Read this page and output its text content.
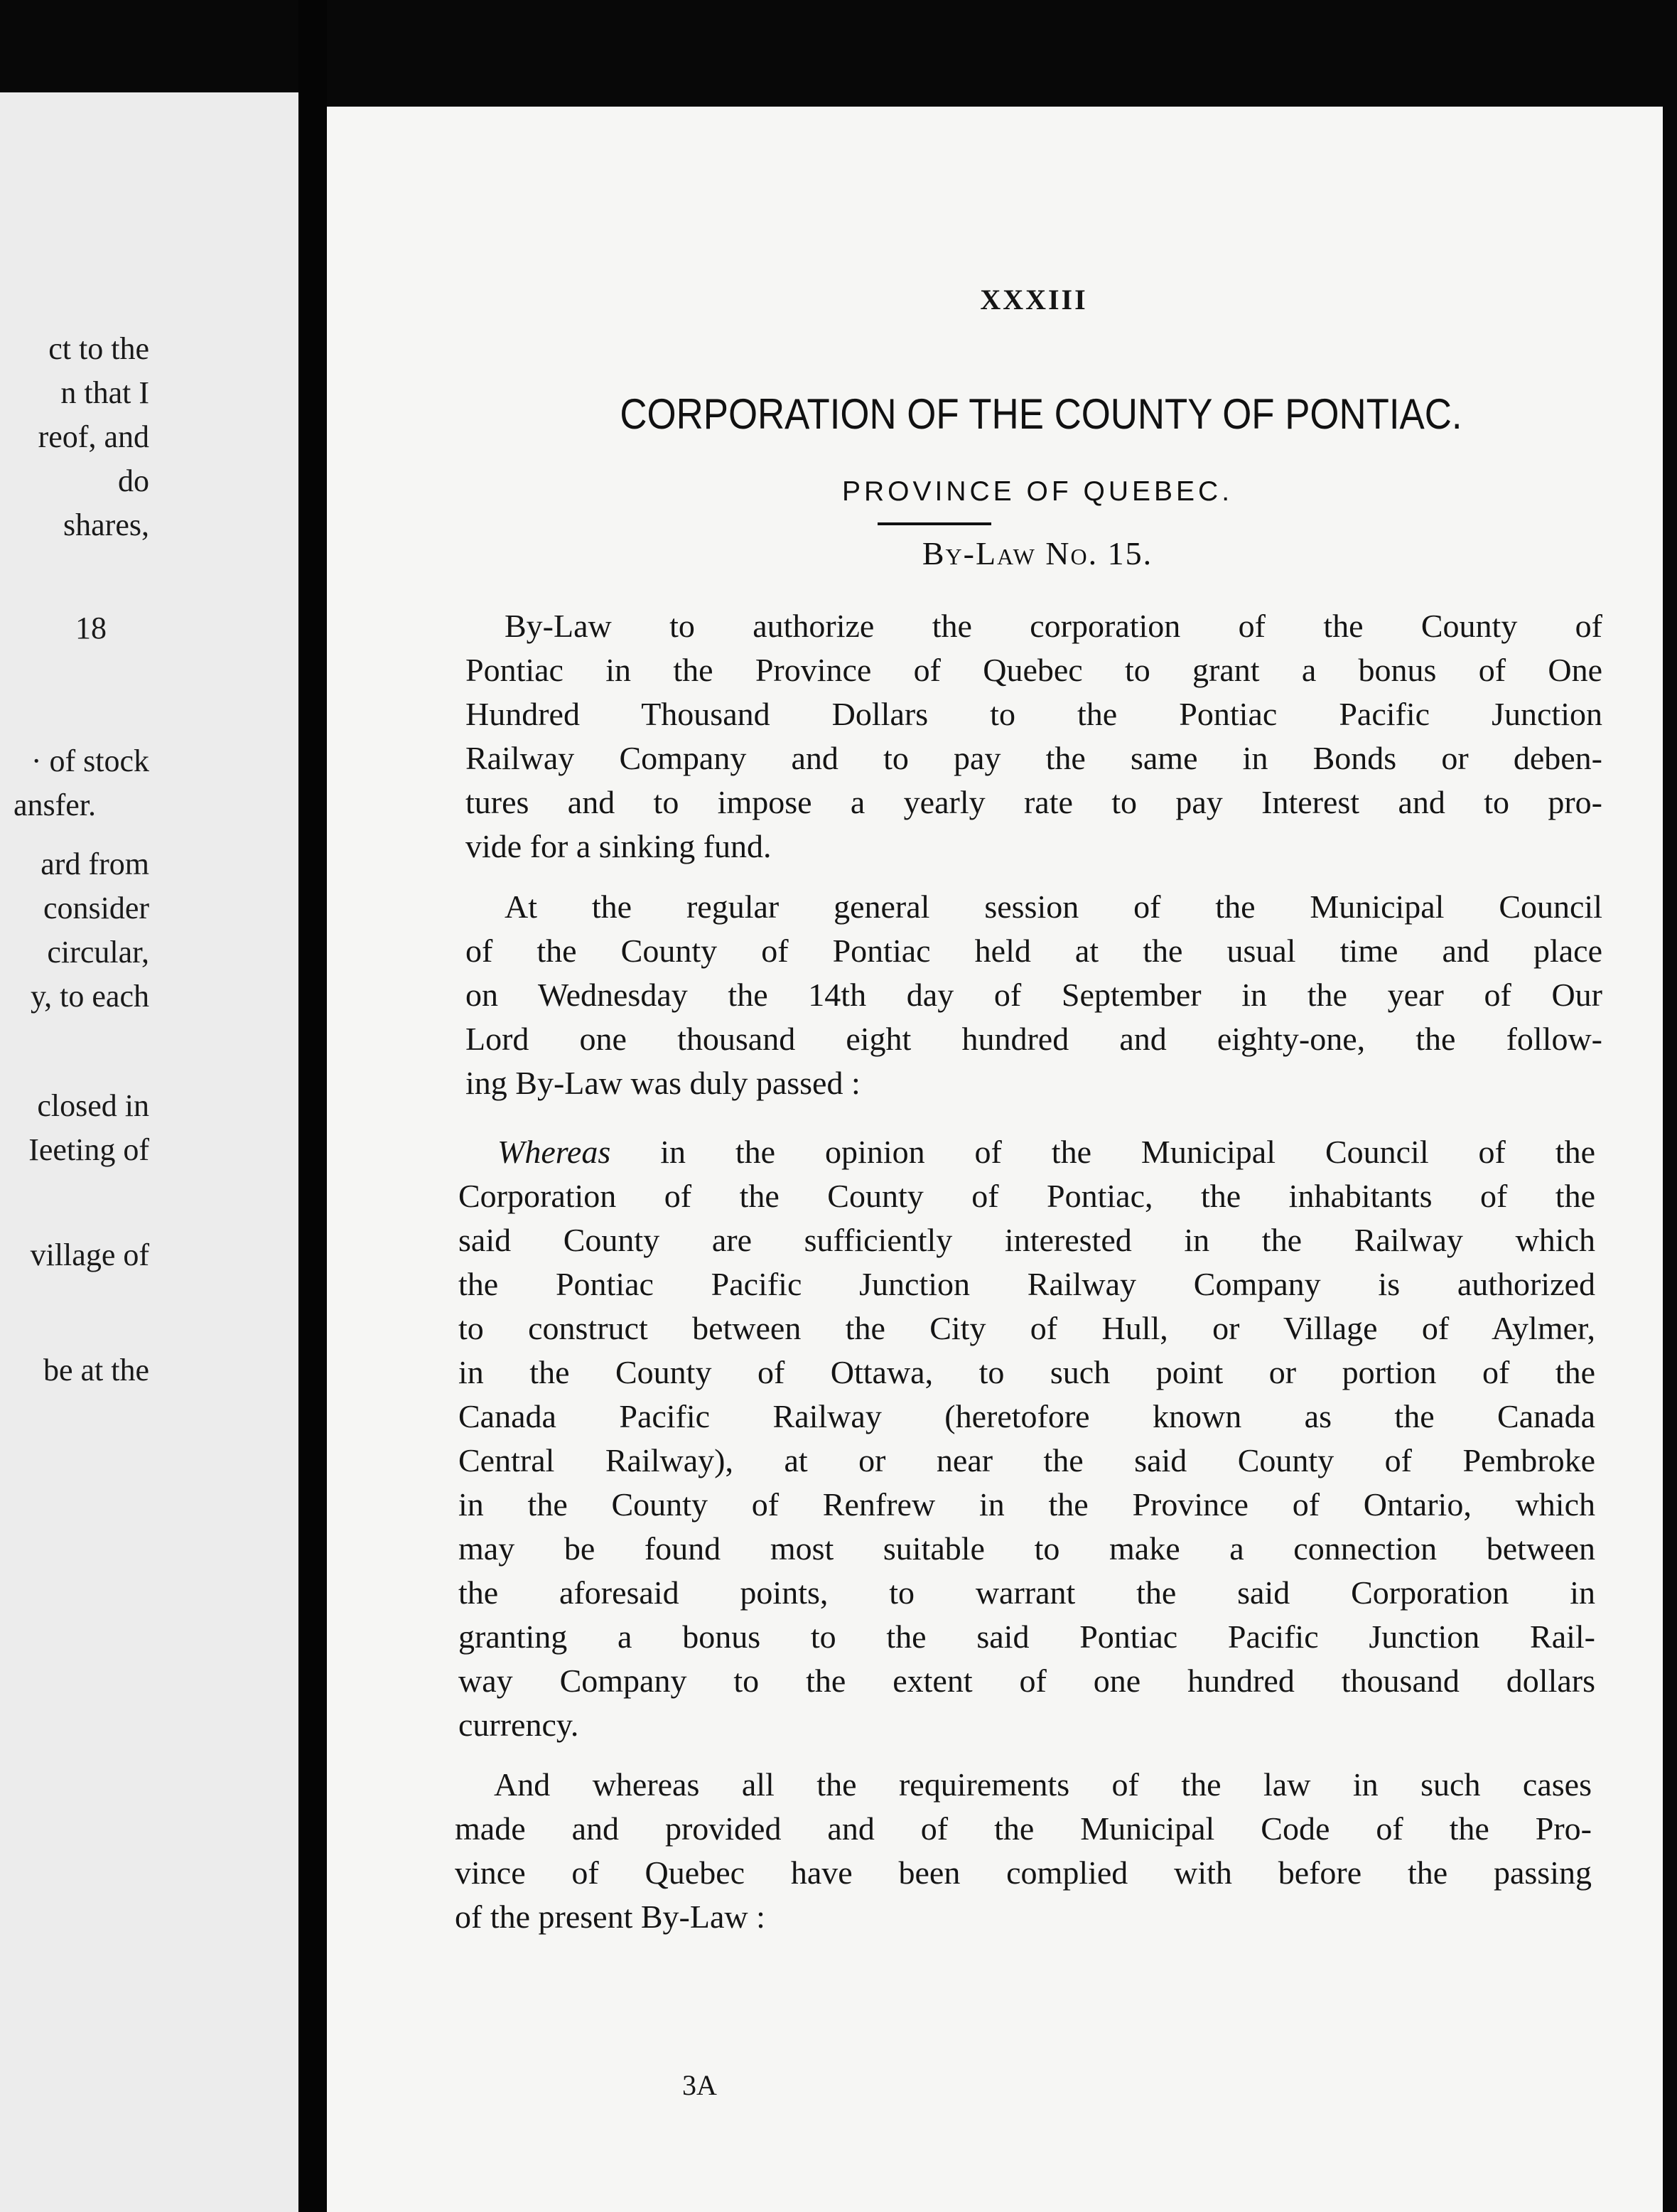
ct to the
n that I
reof, and
do
shares,
18
· of stock
ansfer.
ard from
consider
circular,
y, to each
closed in
Ieeting of
village of
be at the
XXXIII
CORPORATION OF THE COUNTY OF PONTIAC.
PROVINCE OF QUEBEC.
By-Law No. 15.
By-Law to authorize the corporation of the County of
Pontiac in the Province of Quebec to grant a bonus of One
Hundred Thousand Dollars to the Pontiac Pacific Junction
Railway Company and to pay the same in Bonds or deben-
tures and to impose a yearly rate to pay Interest and to pro-
vide for a sinking fund.
At the regular general session of the Municipal Council
of the County of Pontiac held at the usual time and place
on Wednesday the 14th day of September in the year of Our
Lord one thousand eight hundred and eighty-one, the follow-
ing By-Law was duly passed :
Whereas in the opinion of the Municipal Council of the
Corporation of the County of Pontiac, the inhabitants of the
said County are sufficiently interested in the Railway which
the Pontiac Pacific Junction Railway Company is authorized
to construct between the City of Hull, or Village of Aylmer,
in the County of Ottawa, to such point or portion of the
Canada Pacific Railway (heretofore known as the Canada
Central Railway), at or near the said County of Pembroke
in the County of Renfrew in the Province of Ontario, which
may be found most suitable to make a connection between
the aforesaid points, to warrant the said Corporation in
granting a bonus to the said Pontiac Pacific Junction Rail-
way Company to the extent of one hundred thousand dollars
currency.
And whereas all the requirements of the law in such cases
made and provided and of the Municipal Code of the Pro-
vince of Quebec have been complied with before the passing
of the present By-Law :
3A
